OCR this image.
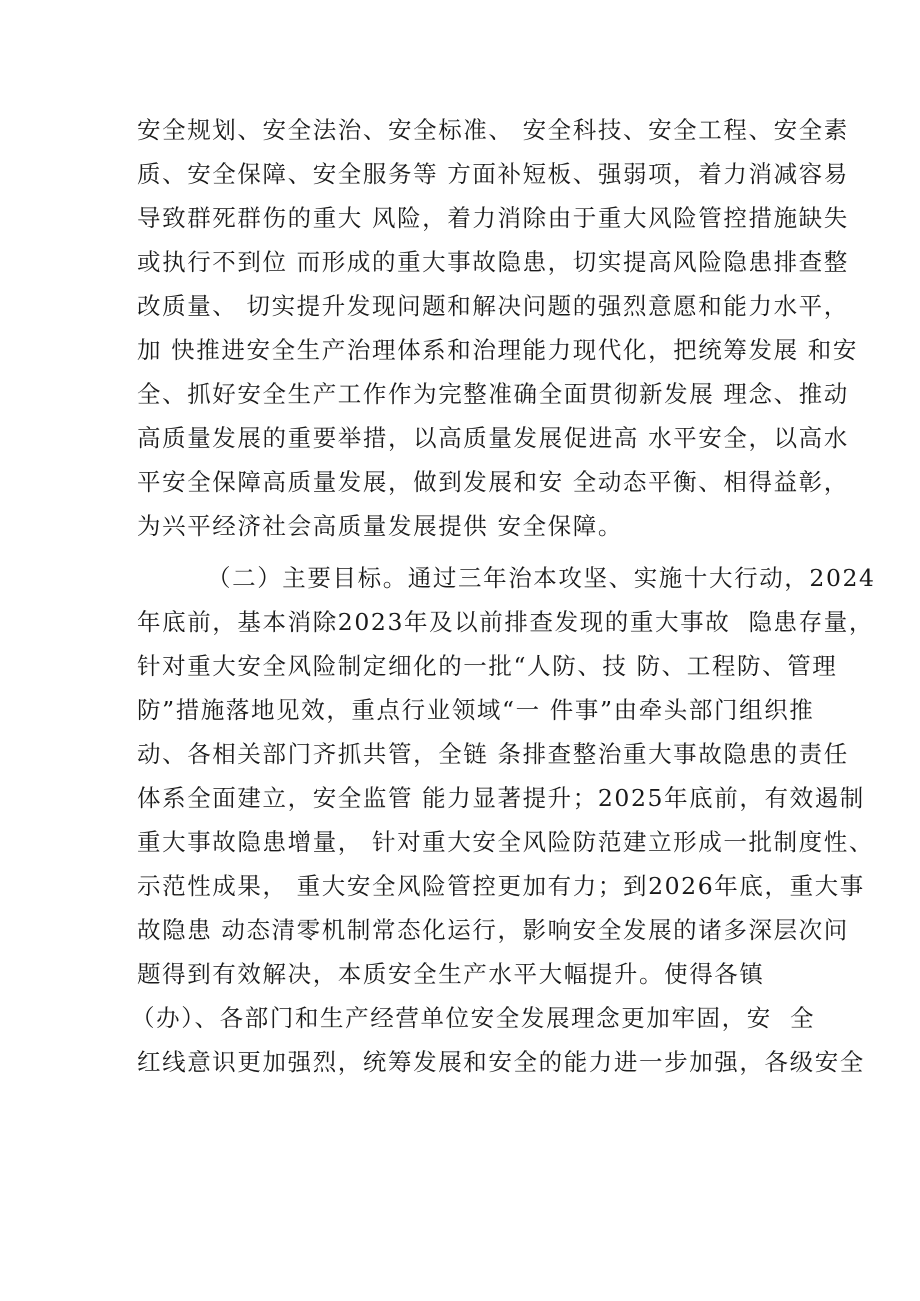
安全规划、安全法治、安全标准、 安全科技、安全工程、安全素
质、安全保障、安全服务等 方面补短板、强弱项，着力消减容易
导致群死群伤的重大 风险，着力消除由于重大风险管控措施缺失
或执行不到位 而形成的重大事故隐患，切实提高风险隐患排查整
改质量、 切实提升发现问题和解决问题的强烈意愿和能力水平，
加 快推进安全生产治理体系和治理能力现代化，把统筹发展 和安
全、抓好安全生产工作作为完整准确全面贯彻新发展 理念、推动
高质量发展的重要举措，以高质量发展促进高 水平安全，以高水
平安全保障高质量发展，做到发展和安 全动态平衡、相得益彰，
为兴平经济社会高质量发展提供 安全保障。
（二）主要目标。通过三年治本攻坚、实施十大行动，2024
年底前，基本消除2023年及以前排查发现的重大事故  隐患存量，
针对重大安全风险制定细化的一批“人防、技 防、工程防、管理
防”措施落地见效，重点行业领域“一 件事”由牵头部门组织推
动、各相关部门齐抓共管，全链 条排查整治重大事故隐患的责任
体系全面建立，安全监管 能力显著提升；2025年底前，有效遏制
重大事故隐患增量， 针对重大安全风险防范建立形成一批制度性、
示范性成果， 重大安全风险管控更加有力；到2026年底，重大事
故隐患 动态清零机制常态化运行，影响安全发展的诸多深层次问
题得到有效解决，本质安全生产水平大幅提升。使得各镇
（办）、各部门和生产经营单位安全发展理念更加牢固，安  全
红线意识更加强烈，统筹发展和安全的能力进一步加强，各级安全
